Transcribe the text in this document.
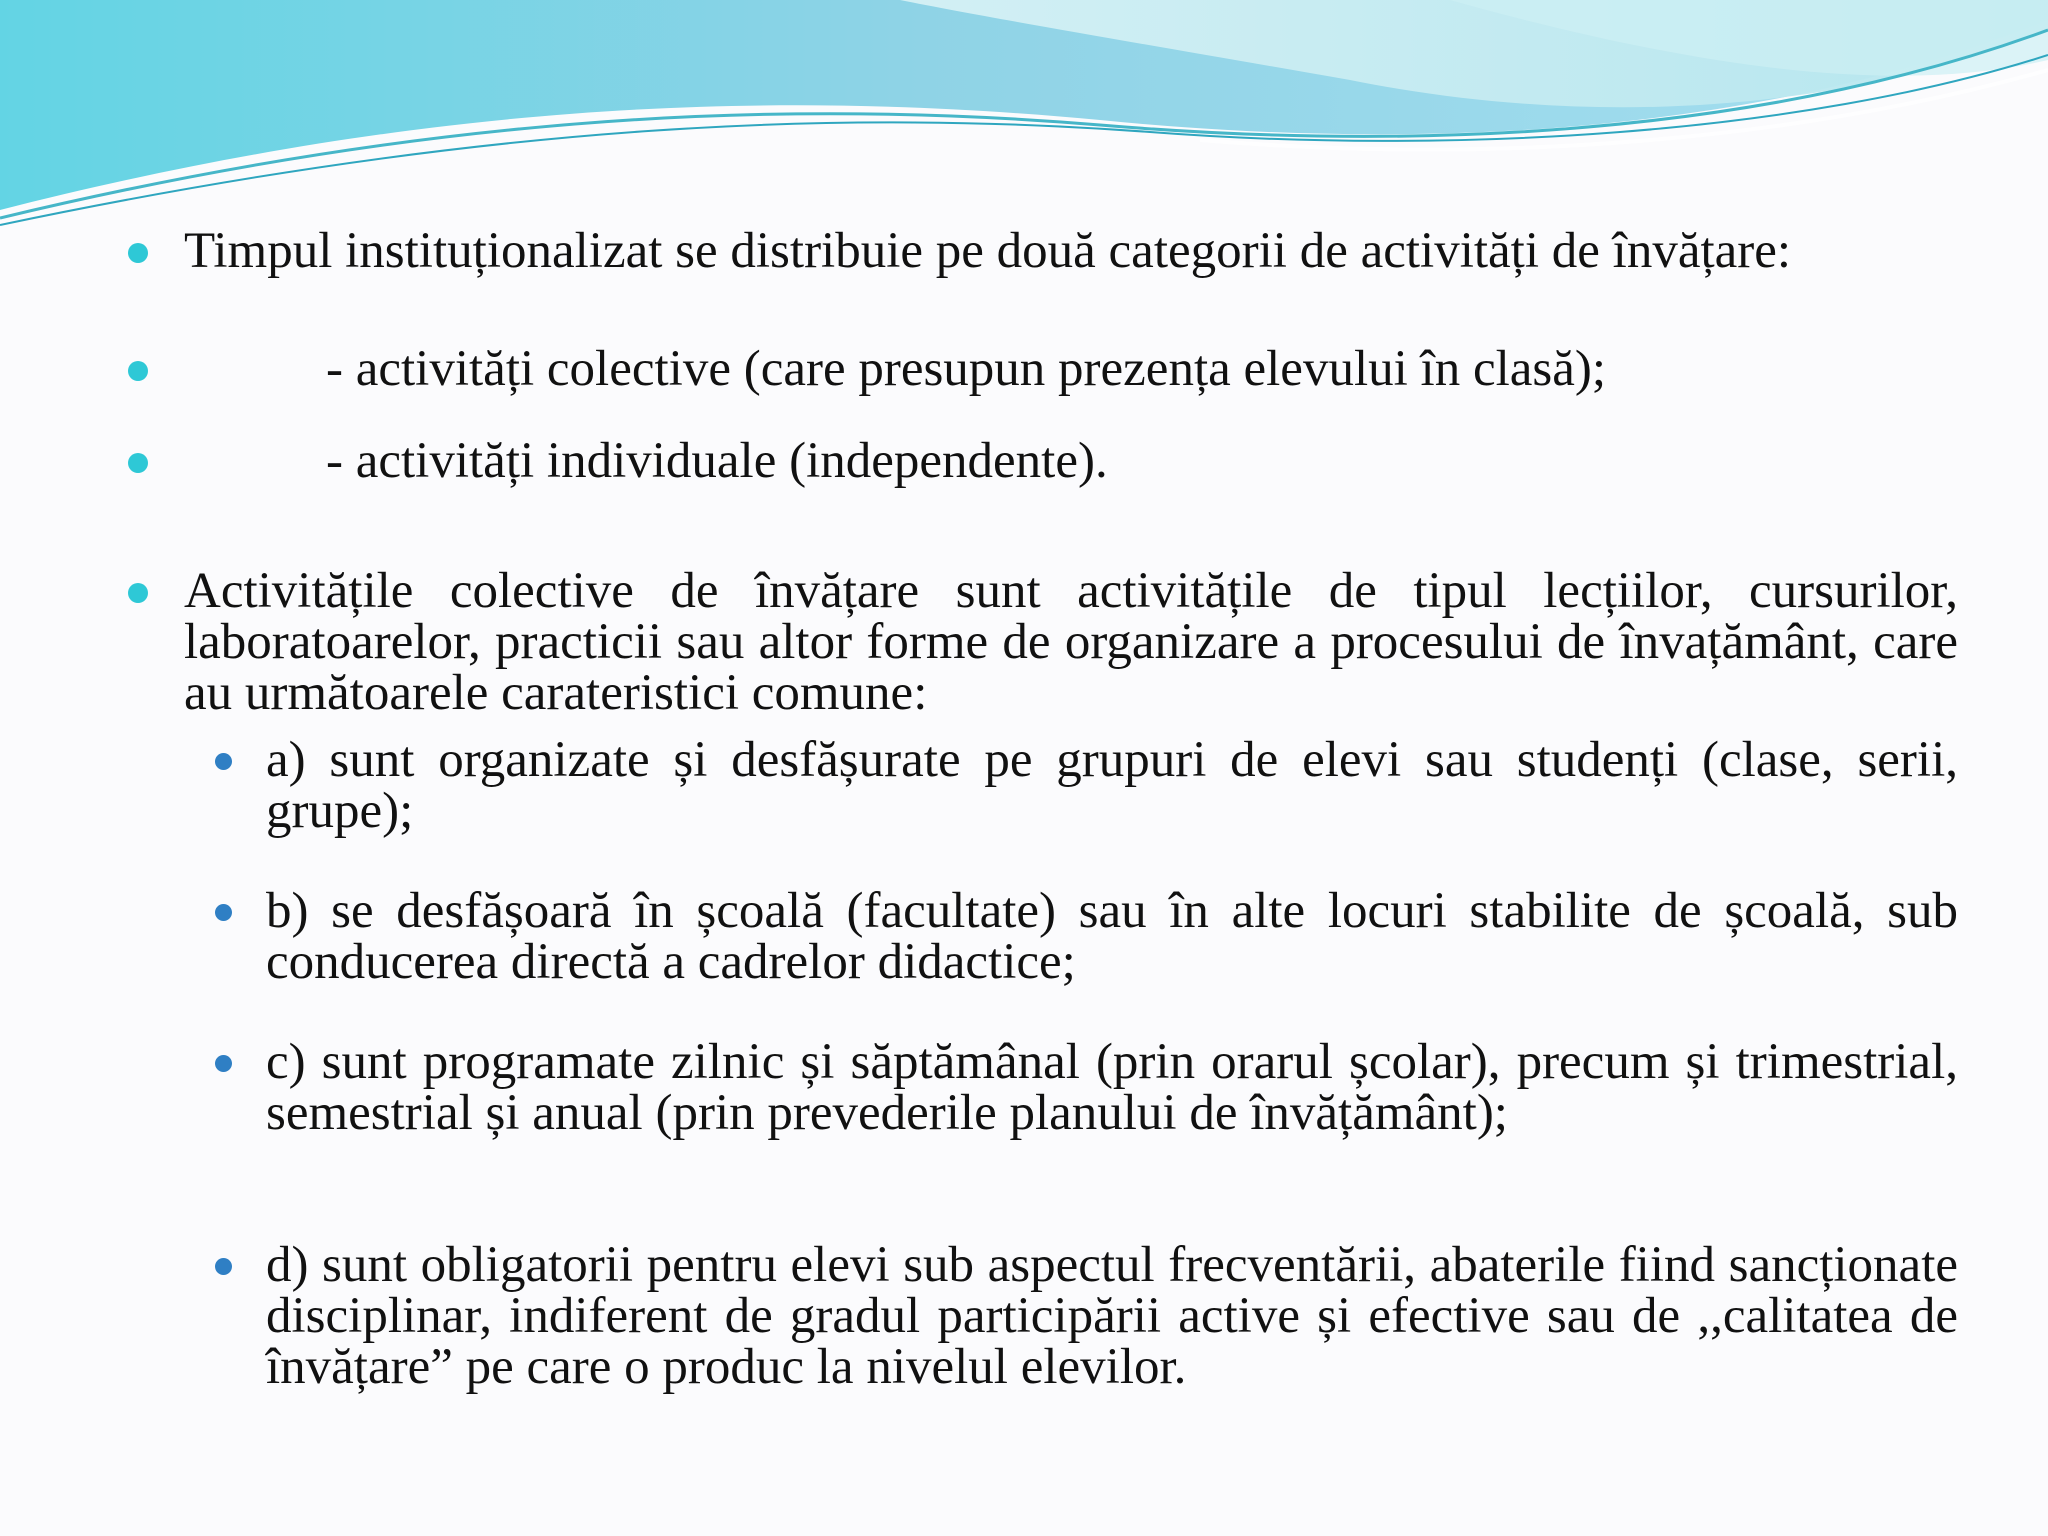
Timpul instituționalizat se distribuie pe două categorii de activități de învățare:

- activități colective (care presupun prezența elevului în clasă);
- activități individuale (independente).

Activitățile colective de învățare sunt activitățile de tipul lecțiilor, cursurilor, laboratoarelor, practicii sau altor forme de organizare a procesului de învațământ, care au următoarele carateristici comune:

a) sunt organizate și desfășurate pe grupuri de elevi sau studenți (clase, serii, grupe);

b) se desfășoară în școală (facultate) sau în alte locuri stabilite de școală, sub conducerea directă a cadrelor didactice;

c) sunt programate zilnic și săptămânal (prin orarul școlar), precum și trimestrial, semestrial și anual (prin prevederile planului de învățământ);

d) sunt obligatorii pentru elevi sub aspectul frecventării, abaterile fiind sancționate disciplinar, indiferent de gradul participării active și efective sau de ,,calitatea de învățare” pe care o produc la nivelul elevilor.
